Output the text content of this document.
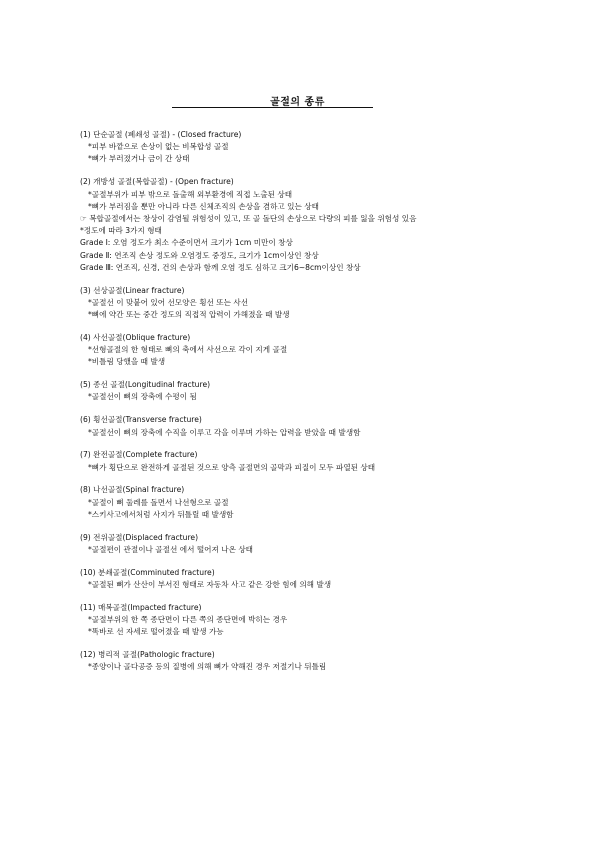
골절의 종류
(1) 단순골절 (폐쇄성 골절) - (Closed fracture)
*피부 바깥으로 손상이 없는 비복합성 골절
*뼈가 부러졌거나 금이 간 상태
(2) 개방성 골절(복합골절) - (Open fracture)
*골절부위가 피부 밖으로 돌출해 외부환경에 직접 노출된 상태
*뼈가 부러짐을 뿐만 아니라 다른 신체조직의 손상을 겸하고 있는 상태
☞ 복합골절에서는 창상이 감염될 위험성이 있고, 또 골 돌단의 손상으로 다량의 피를 잃을 위험성 있음
*정도에 따라 3가지 형태
Grade Ⅰ: 오염 정도가 최소 수준이면서 크기가 1cm 미만이 창상
Grade Ⅱ: 연조직 손상 정도와 오염정도 중정도, 크기가 1cm이상인 창상
Grade Ⅲ: 연조직, 신경, 건의 손상과 함께 오염 정도 심하고 크기6~8cm이상인 창상
(3) 선상골절(Linear fracture)
*골절선 이 맞붙어 있어 선모양은 횡선 또는 사선
*뼈에 약간 또는 중간 정도의 직접적 압력이 가해졌을 때 발생
(4) 사선골절(Oblique fracture)
*선형골절의 한 형태로 뼈의 축에서 사선으로 각이 지게 골절
*비틀림 당했을 때 발생
(5) 종선 골절(Longitudinal fracture)
*골절선이 뼈의 장축에 수평이 됨
(6) 횡선골절(Transverse fracture)
*골절선이 뼈의 장축에 수직을 이루고 각을 이루며 가하는 압력을 받았을 때 발생함
(7) 완전골절(Complete fracture)
*뼈가 횡단으로 완전하게 골절된 것으로 양측 골절면의 골막과 피질이 모두 파열된 상태
(8) 나선골절(Spinal fracture)
*골절이 뼈 둘레를 돌면서 나선형으로 골절
*스키사고에서처럼 사지가 뒤틀릴 때 발생함
(9) 전위골절(Displaced fracture)
*골절편이 관절이나 골절선 에서 떨어져 나온 상태
(10) 분쇄골절(Comminuted fracture)
*골절된 뼈가 산산이 부서진 형태로 자동차 사고 같은 강한 힘에 의해 발생
(11) 매복골절(Impacted fracture)
*골절부위의 한 쪽 종단면이 다른 쪽의 종단면에 박히는 경우
*똑바로 선 자세로 떨어졌을 때 발생 가능
(12) 병리적 골절(Pathologic fracture)
*종양이나 골다공증 등의 질병에 의해 뼈가 약해진 경우 저절기나 뒤틀림
